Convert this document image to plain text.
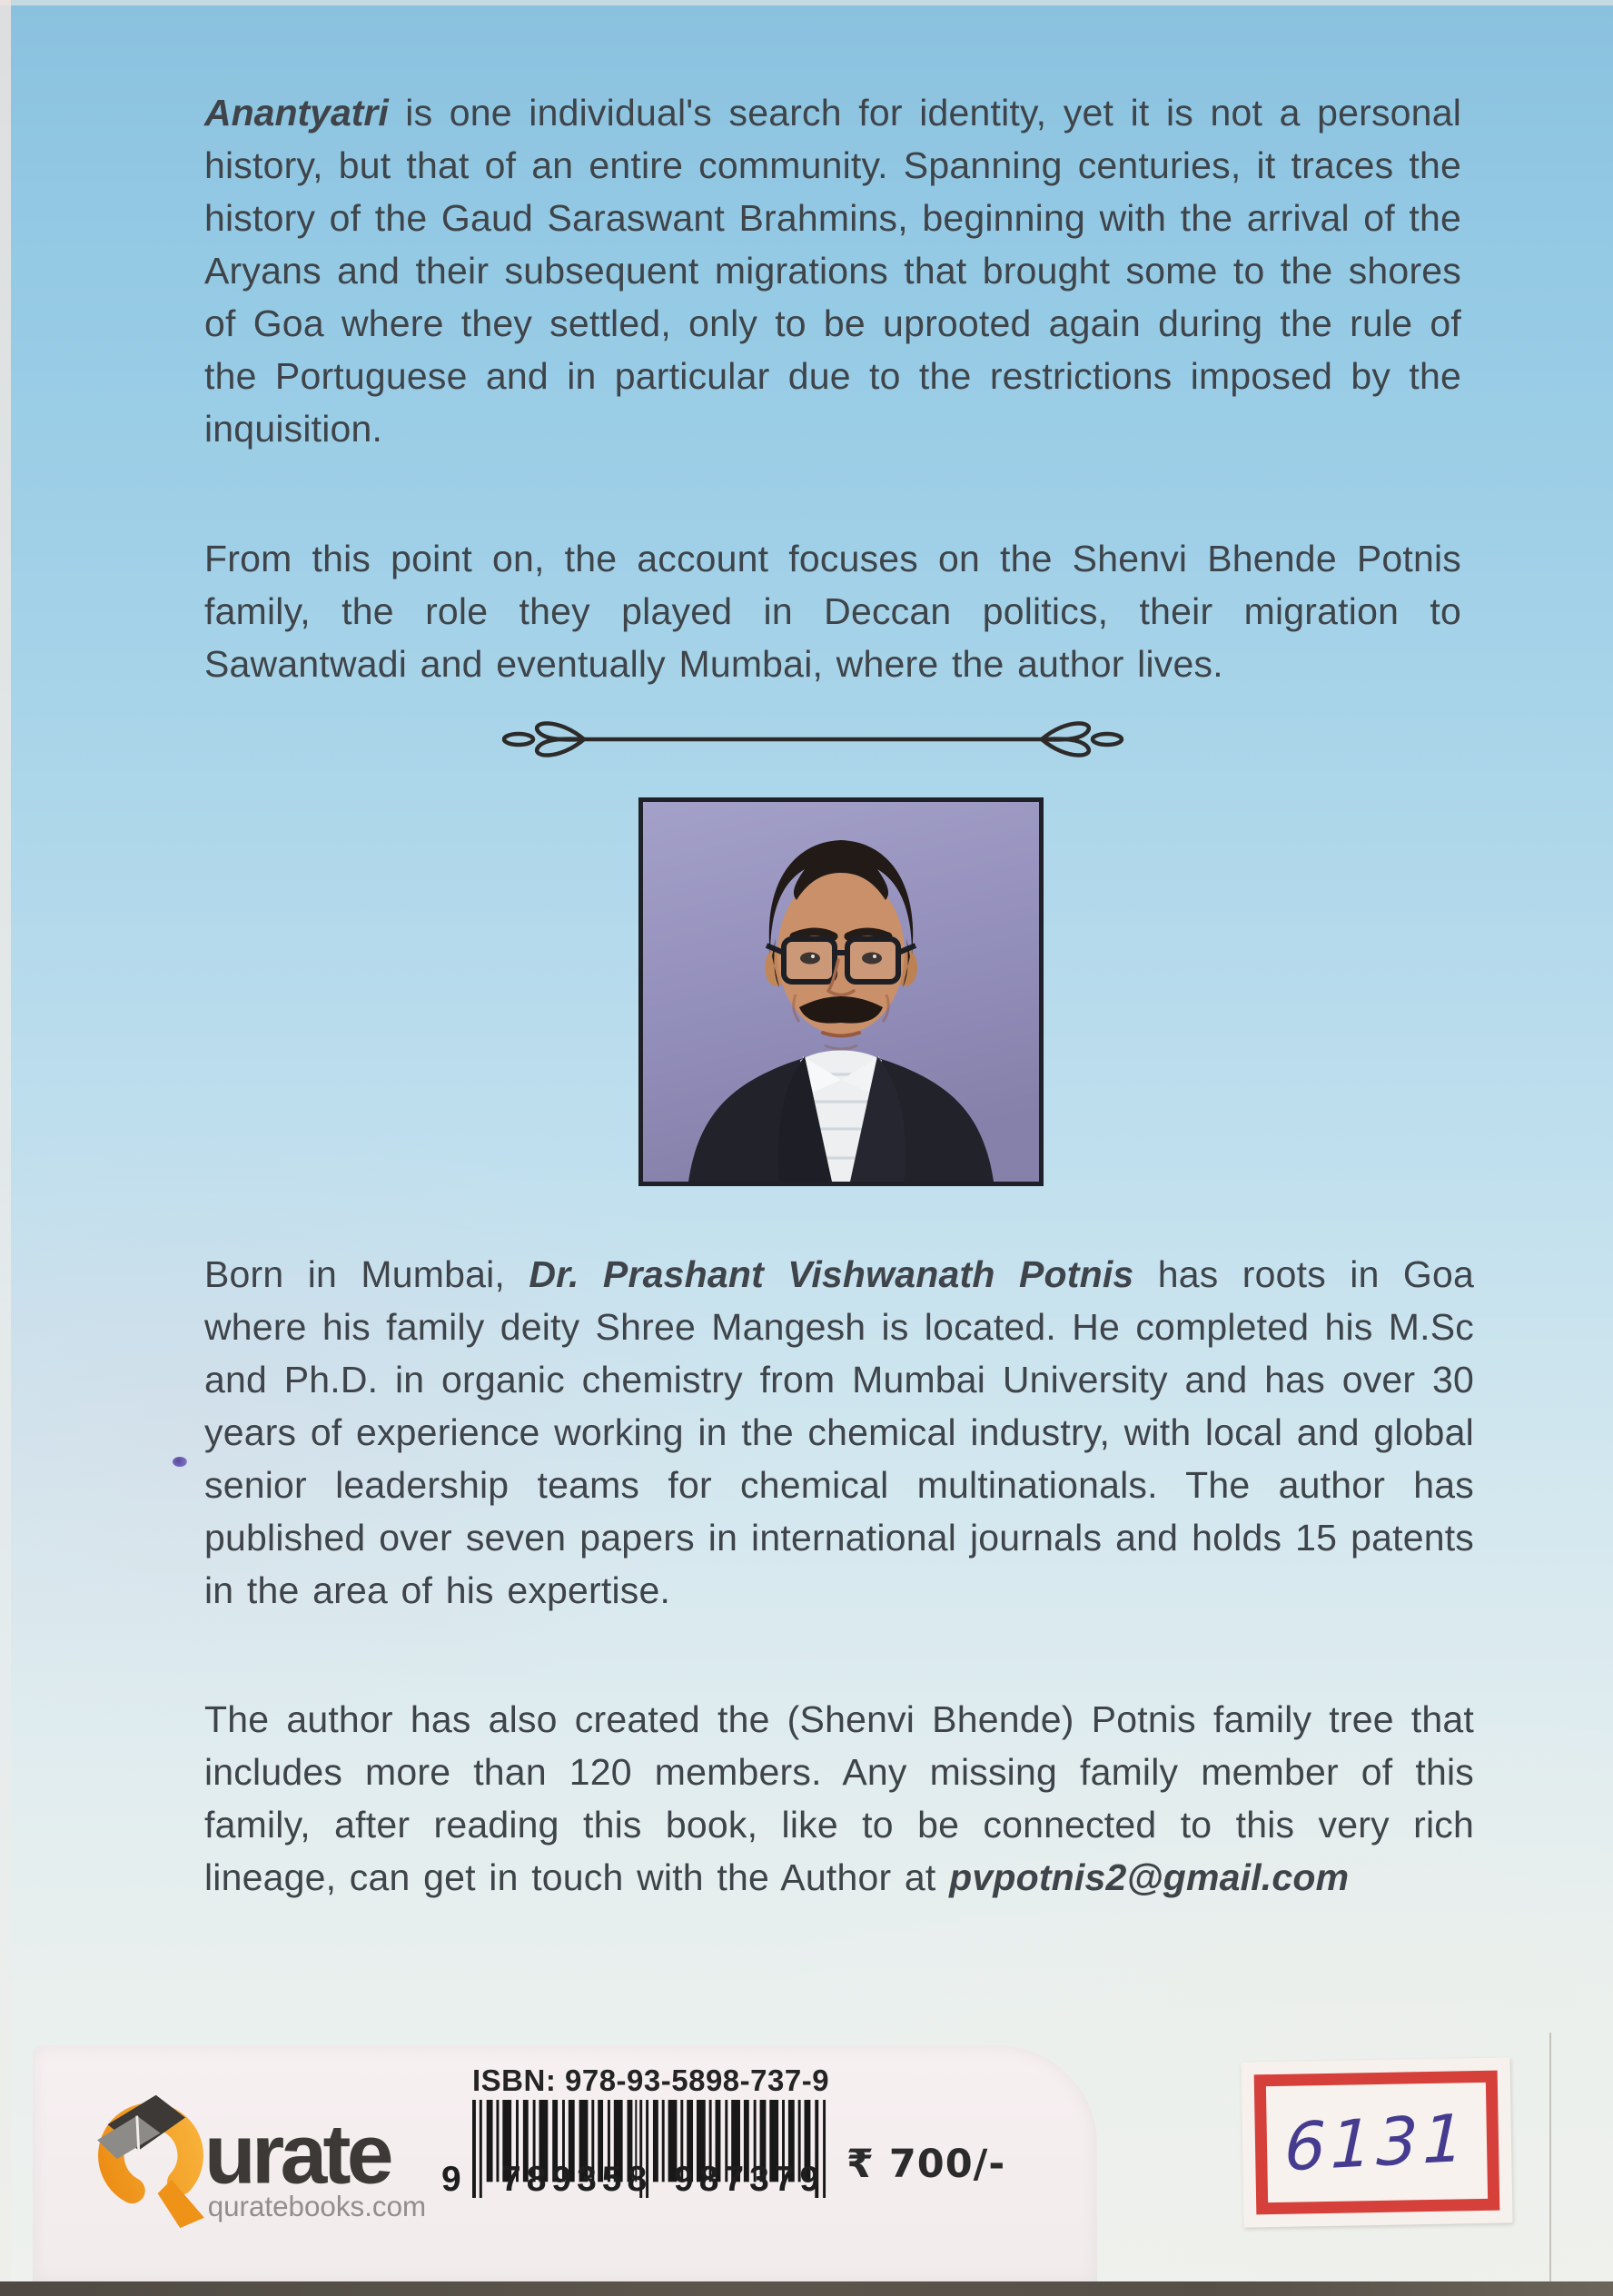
Anantyatri is one individual's search for identity, yet it is not a personal history, but that of an entire community. Spanning centuries, it traces the history of the Gaud Saraswant Brahmins, beginning with the arrival of the Aryans and their subsequent migrations that brought some to the shores of Goa where they settled, only to be uprooted again during the rule of the Portuguese and in particular due to the restrictions imposed by the inquisition.

From this point on, the account focuses on the Shenvi Bhende Potnis family, the role they played in Deccan politics, their migration to Sawantwadi and eventually Mumbai, where the author lives.

Born in Mumbai, Dr. Prashant Vishwanath Potnis has roots in Goa where his family deity Shree Mangesh is located. He completed his M.Sc and Ph.D. in organic chemistry from Mumbai University and has over 30 years of experience working in the chemical industry, with local and global senior leadership teams for chemical multinationals. The author has published over seven papers in international journals and holds 15 patents in the area of his expertise.

The author has also created the (Shenvi Bhende) Potnis family tree that includes more than 120 members. Any missing family member of this family, after reading this book, like to be connected to this very rich lineage, can get in touch with the Author at pvpotnis2@gmail.com

urate
quratebooks.com
ISBN: 978-93-5898-737-9
9 789358 987379 ₹ 700/-	6131
